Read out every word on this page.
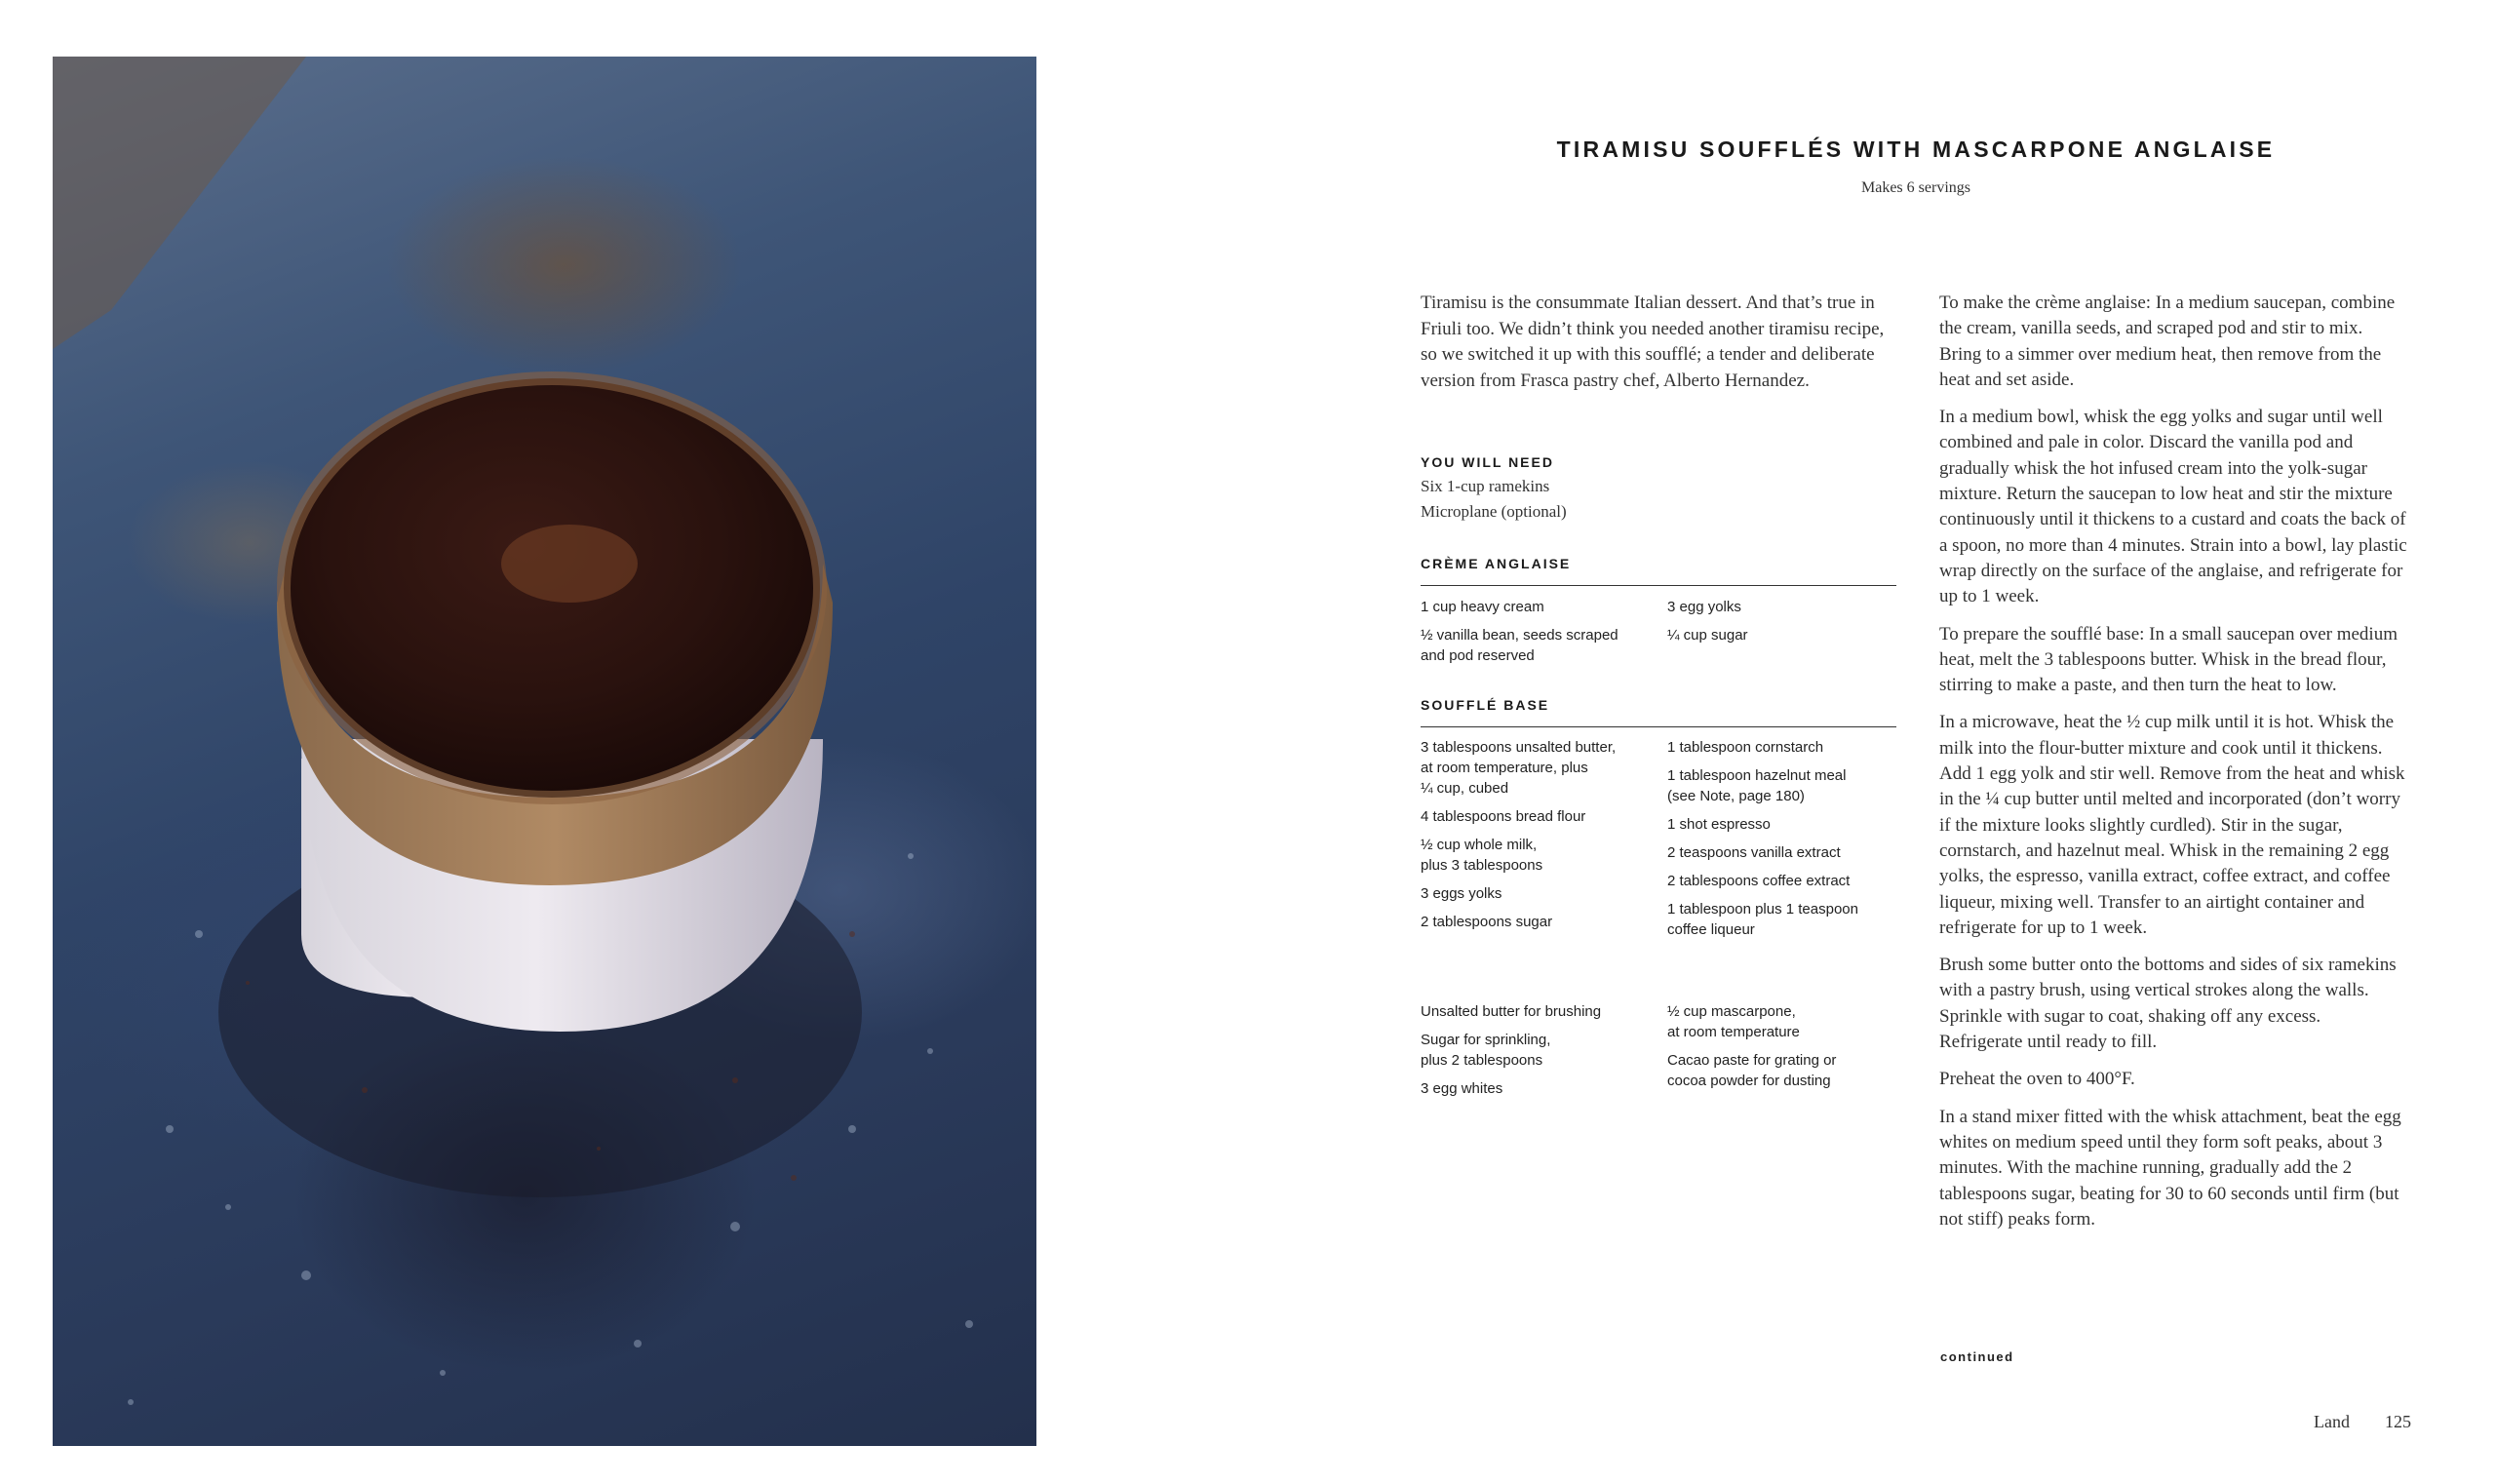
TIRAMISU SOUFFLÉS WITH MASCARPONE ANGLAISE
Makes 6 servings
Tiramisu is the consummate Italian dessert. And that’s true in Friuli too. We didn’t think you needed another tiramisu recipe, so we switched it up with this soufflé; a tender and deliberate version from Frasca pastry chef, Alberto Hernandez.
YOU WILL NEED
Six 1-cup ramekins
Microplane (optional)
CRÈME ANGLAISE
1 cup heavy cream
½ vanilla bean, seeds scraped
and pod reserved
3 egg yolks
¼ cup sugar
SOUFFLÉ BASE
3 tablespoons unsalted butter,
at room temperature, plus
¼ cup, cubed
4 tablespoons bread flour
½ cup whole milk,
plus 3 tablespoons
3 eggs yolks
2 tablespoons sugar
1 tablespoon cornstarch
1 tablespoon hazelnut meal
(see Note, page 180)
1 shot espresso
2 teaspoons vanilla extract
2 tablespoons coffee extract
1 tablespoon plus 1 teaspoon
coffee liqueur
Unsalted butter for brushing
Sugar for sprinkling,
plus 2 tablespoons
3 egg whites
½ cup mascarpone,
at room temperature
Cacao paste for grating or
cocoa powder for dusting

To make the crème anglaise: In a medium saucepan, combine the cream, vanilla seeds, and scraped pod and stir to mix. Bring to a simmer over medium heat, then remove from the heat and set aside.

In a medium bowl, whisk the egg yolks and sugar until well combined and pale in color. Discard the vanilla pod and gradually whisk the hot infused cream into the yolk-sugar mixture. Return the saucepan to low heat and stir the mixture continuously until it thickens to a custard and coats the back of a spoon, no more than 4 minutes. Strain into a bowl, lay plastic wrap directly on the surface of the anglaise, and refrigerate for up to 1 week.

To prepare the soufflé base: In a small saucepan over medium heat, melt the 3 tablespoons butter. Whisk in the bread flour, stirring to make a paste, and then turn the heat to low.

In a microwave, heat the ½ cup milk until it is hot. Whisk the milk into the flour-butter mixture and cook until it thickens. Add 1 egg yolk and stir well. Remove from the heat and whisk in the ¼ cup butter until melted and incorporated (don’t worry if the mixture looks slightly curdled). Stir in the sugar, cornstarch, and hazelnut meal. Whisk in the remaining 2 egg yolks, the espresso, vanilla extract, coffee extract, and coffee liqueur, mixing well. Transfer to an airtight container and refrigerate for up to 1 week.

Brush some butter onto the bottoms and sides of six ramekins with a pastry brush, using vertical strokes along the walls. Sprinkle with sugar to coat, shaking off any excess. Refrigerate until ready to fill.

Preheat the oven to 400°F.

In a stand mixer fitted with the whisk attachment, beat the egg whites on medium speed until they form soft peaks, about 3 minutes. With the machine running, gradually add the 2 tablespoons sugar, beating for 30 to 60 seconds until firm (but not stiff) peaks form.

continued
Land 125
